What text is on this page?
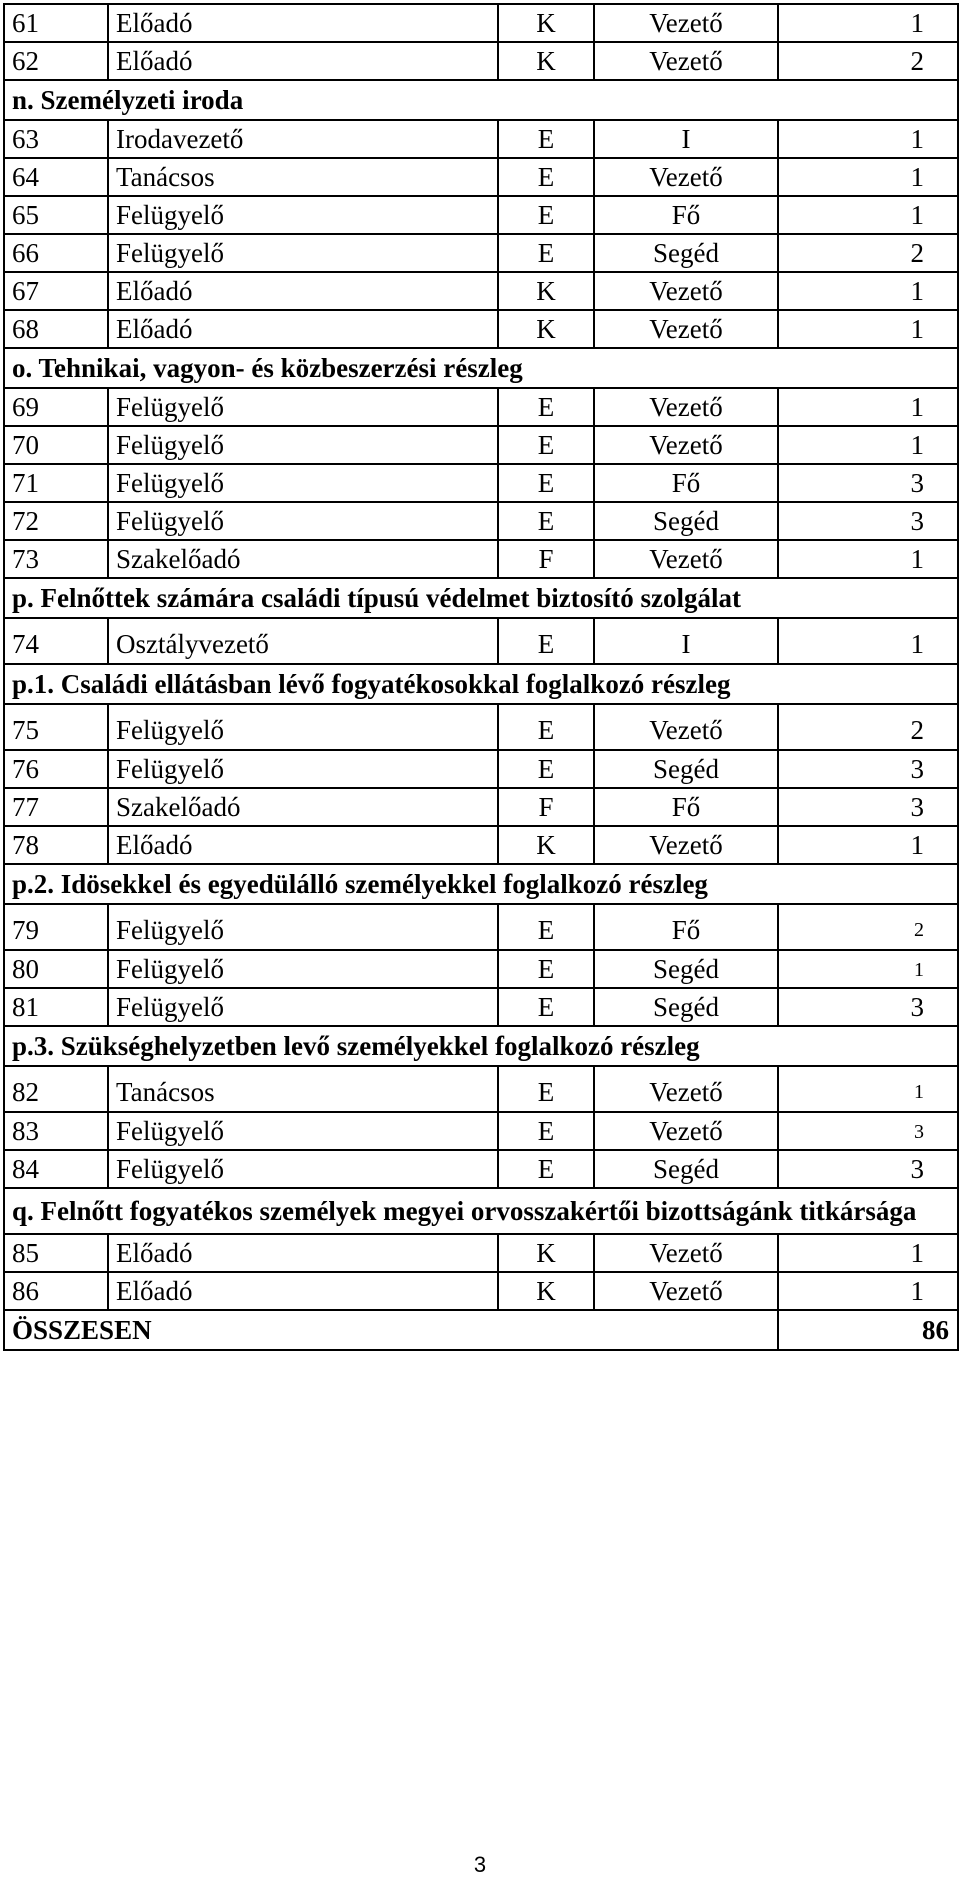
61	Előadó	K	Vezető	1
62	Előadó	K	Vezető	2
n. Személyzeti iroda				
63	Irodavezető	E	I	1
64	Tanácsos	E	Vezető	1
65	Felügyelő	E	Fő	1
66	Felügyelő	E	Segéd	2
67	Előadó	K	Vezető	1
68	Előadó	K	Vezető	1
o. Tehnikai, vagyon- és közbeszerzési részleg				
69	Felügyelő	E	Vezető	1
70	Felügyelő	E	Vezető	1
71	Felügyelő	E	Fő	3
72	Felügyelő	E	Segéd	3
73	Szakelőadó	F	Vezető	1
p. Felnőttek számára családi típusú védelmet biztosító szolgálat				
74	Osztályvezető	E	I	1
p.1. Családi ellátásban lévő fogyatékosokkal foglalkozó részleg				
75	Felügyelő	E	Vezető	2
76	Felügyelő	E	Segéd	3
77	Szakelőadó	F	Fő	3
78	Előadó	K	Vezető	1
p.2. Idösekkel és egyedülálló személyekkel foglalkozó részleg				
79	Felügyelő	E	Fő	2
80	Felügyelő	E	Segéd	1
81	Felügyelő	E	Segéd	3
p.3. Szükséghelyzetben levő személyekkel foglalkozó részleg				
82	Tanácsos	E	Vezető	1
83	Felügyelő	E	Vezető	3
84	Felügyelő	E	Segéd	3
q. Felnőtt fogyatékos személyek megyei orvosszakértői bizottságánk titkársága				
85	Előadó	K	Vezető	1
86	Előadó	K	Vezető	1
ÖSSZESEN				86
3
